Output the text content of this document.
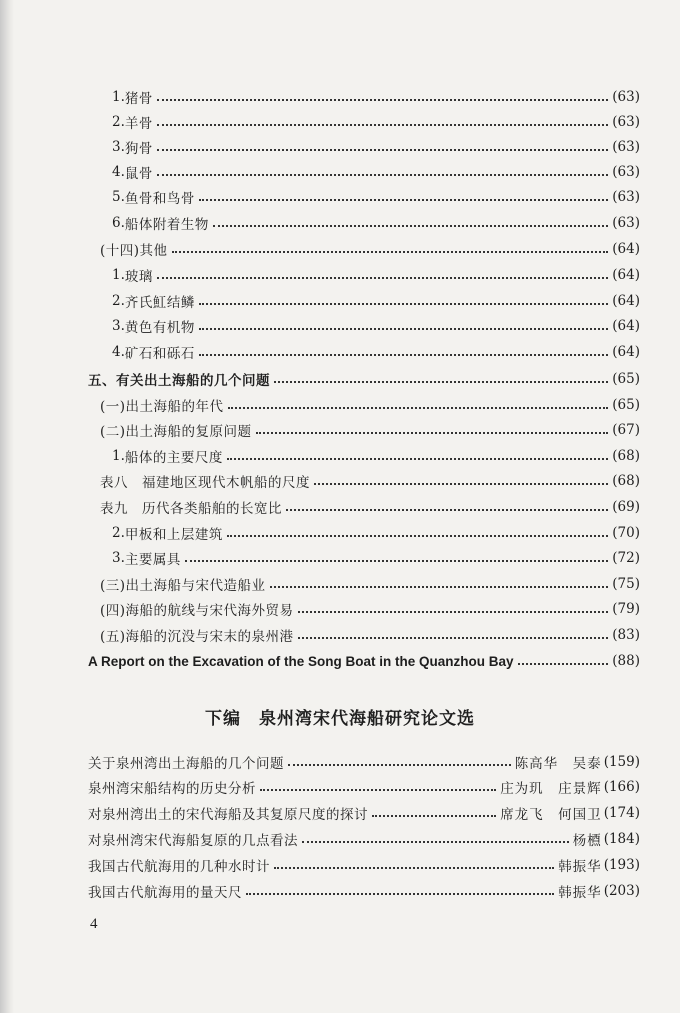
1. 猪骨	(63)
2. 羊骨	(63)
3. 狗骨	(63)
4. 鼠骨	(63)
5. 鱼骨和鸟骨	(63)
6. 船体附着生物	(63)
(十四)其他	(64)
1. 玻璃	(64)
2. 齐氏魟结鳞	(64)
3. 黄色有机物	(64)
4. 矿石和砾石	(64)
五、有关出土海船的几个问题	(65)
(一)出土海船的年代	(65)
(二)出土海船的复原问题	(67)
1. 船体的主要尺度	(68)
表八　福建地区现代木帆船的尺度	(68)
表九　历代各类船舶的长宽比	(69)
2. 甲板和上层建筑	(70)
3. 主要属具	(72)
(三)出土海船与宋代造船业	(75)
(四)海船的航线与宋代海外贸易	(79)
(五)海船的沉没与宋末的泉州港	(83)
A Report on the Excavation of the Song Boat in the Quanzhou Bay	(88)
关于泉州湾出土海船的几个问题	陈高华　吴泰 (159)
泉州湾宋船结构的历史分析	庄为玑　庄景辉 (166)
对泉州湾出土的宋代海船及其复原尺度的探讨	席龙飞　何国卫 (174)
对泉州湾宋代海船复原的几点看法	杨槱 (184)
我国古代航海用的几种水时计	韩振华 (193)
我国古代航海用的量天尺	韩振华 (203)
下编 泉州湾宋代海船研究论文选
4
